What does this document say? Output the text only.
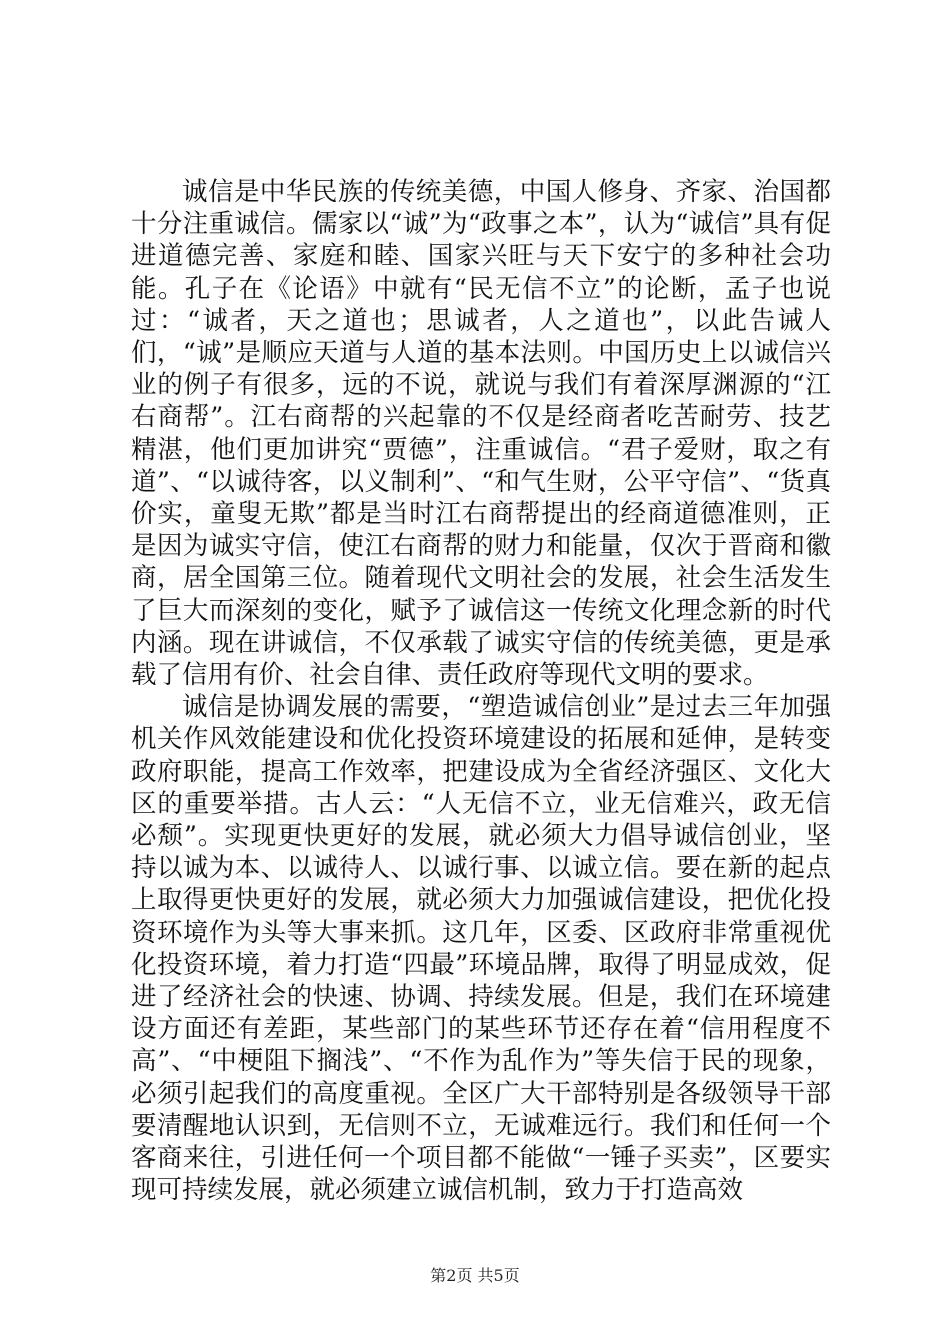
诚信是中华民族的传统美德，中国人修身、齐家、治国都十分注重诚信。儒家以“诚”为“政事之本”，认为“诚信”具有促进道德完善、家庭和睦、国家兴旺与天下安宁的多种社会功能。孔子在《论语》中就有“民无信不立”的论断，孟子也说过：“诚者，天之道也；思诚者，人之道也”，以此告诫人们，“诚”是顺应天道与人道的基本法则。中国历史上以诚信兴业的例子有很多，远的不说，就说与我们有着深厚渊源的“江右商帮”。江右商帮的兴起靠的不仅是经商者吃苦耐劳、技艺精湛，他们更加讲究“贾德”，注重诚信。“君子爱财，取之有道”、“以诚待客，以义制利”、“和气生财，公平守信”、“货真价实，童叟无欺”都是当时江右商帮提出的经商道德准则，正是因为诚实守信，使江右商帮的财力和能量，仅次于晋商和徽商，居全国第三位。随着现代文明社会的发展，社会生活发生了巨大而深刻的变化，赋予了诚信这一传统文化理念新的时代内涵。现在讲诚信，不仅承载了诚实守信的传统美德，更是承载了信用有价、社会自律、责任政府等现代文明的要求。

诚信是协调发展的需要，“塑造诚信创业”是过去三年加强机关作风效能建设和优化投资环境建设的拓展和延伸，是转变政府职能，提高工作效率，把建设成为全省经济强区、文化大区的重要举措。古人云：“人无信不立，业无信难兴，政无信必颓”。实现更快更好的发展，就必须大力倡导诚信创业，坚持以诚为本、以诚待人、以诚行事、以诚立信。要在新的起点上取得更快更好的发展，就必须大力加强诚信建设，把优化投资环境作为头等大事来抓。这几年，区委、区政府非常重视优化投资环境，着力打造“四最”环境品牌，取得了明显成效，促进了经济社会的快速、协调、持续发展。但是，我们在环境建设方面还有差距，某些部门的某些环节还存在着“信用程度不高”、“中梗阻下搁浅”、“不作为乱作为”等失信于民的现象，必须引起我们的高度重视。全区广大干部特别是各级领导干部要清醒地认识到，无信则不立，无诚难远行。我们和任何一个客商来往，引进任何一个项目都不能做“一锤子买卖”，区要实现可持续发展，就必须建立诚信机制，致力于打造高效

第2页 共5页
